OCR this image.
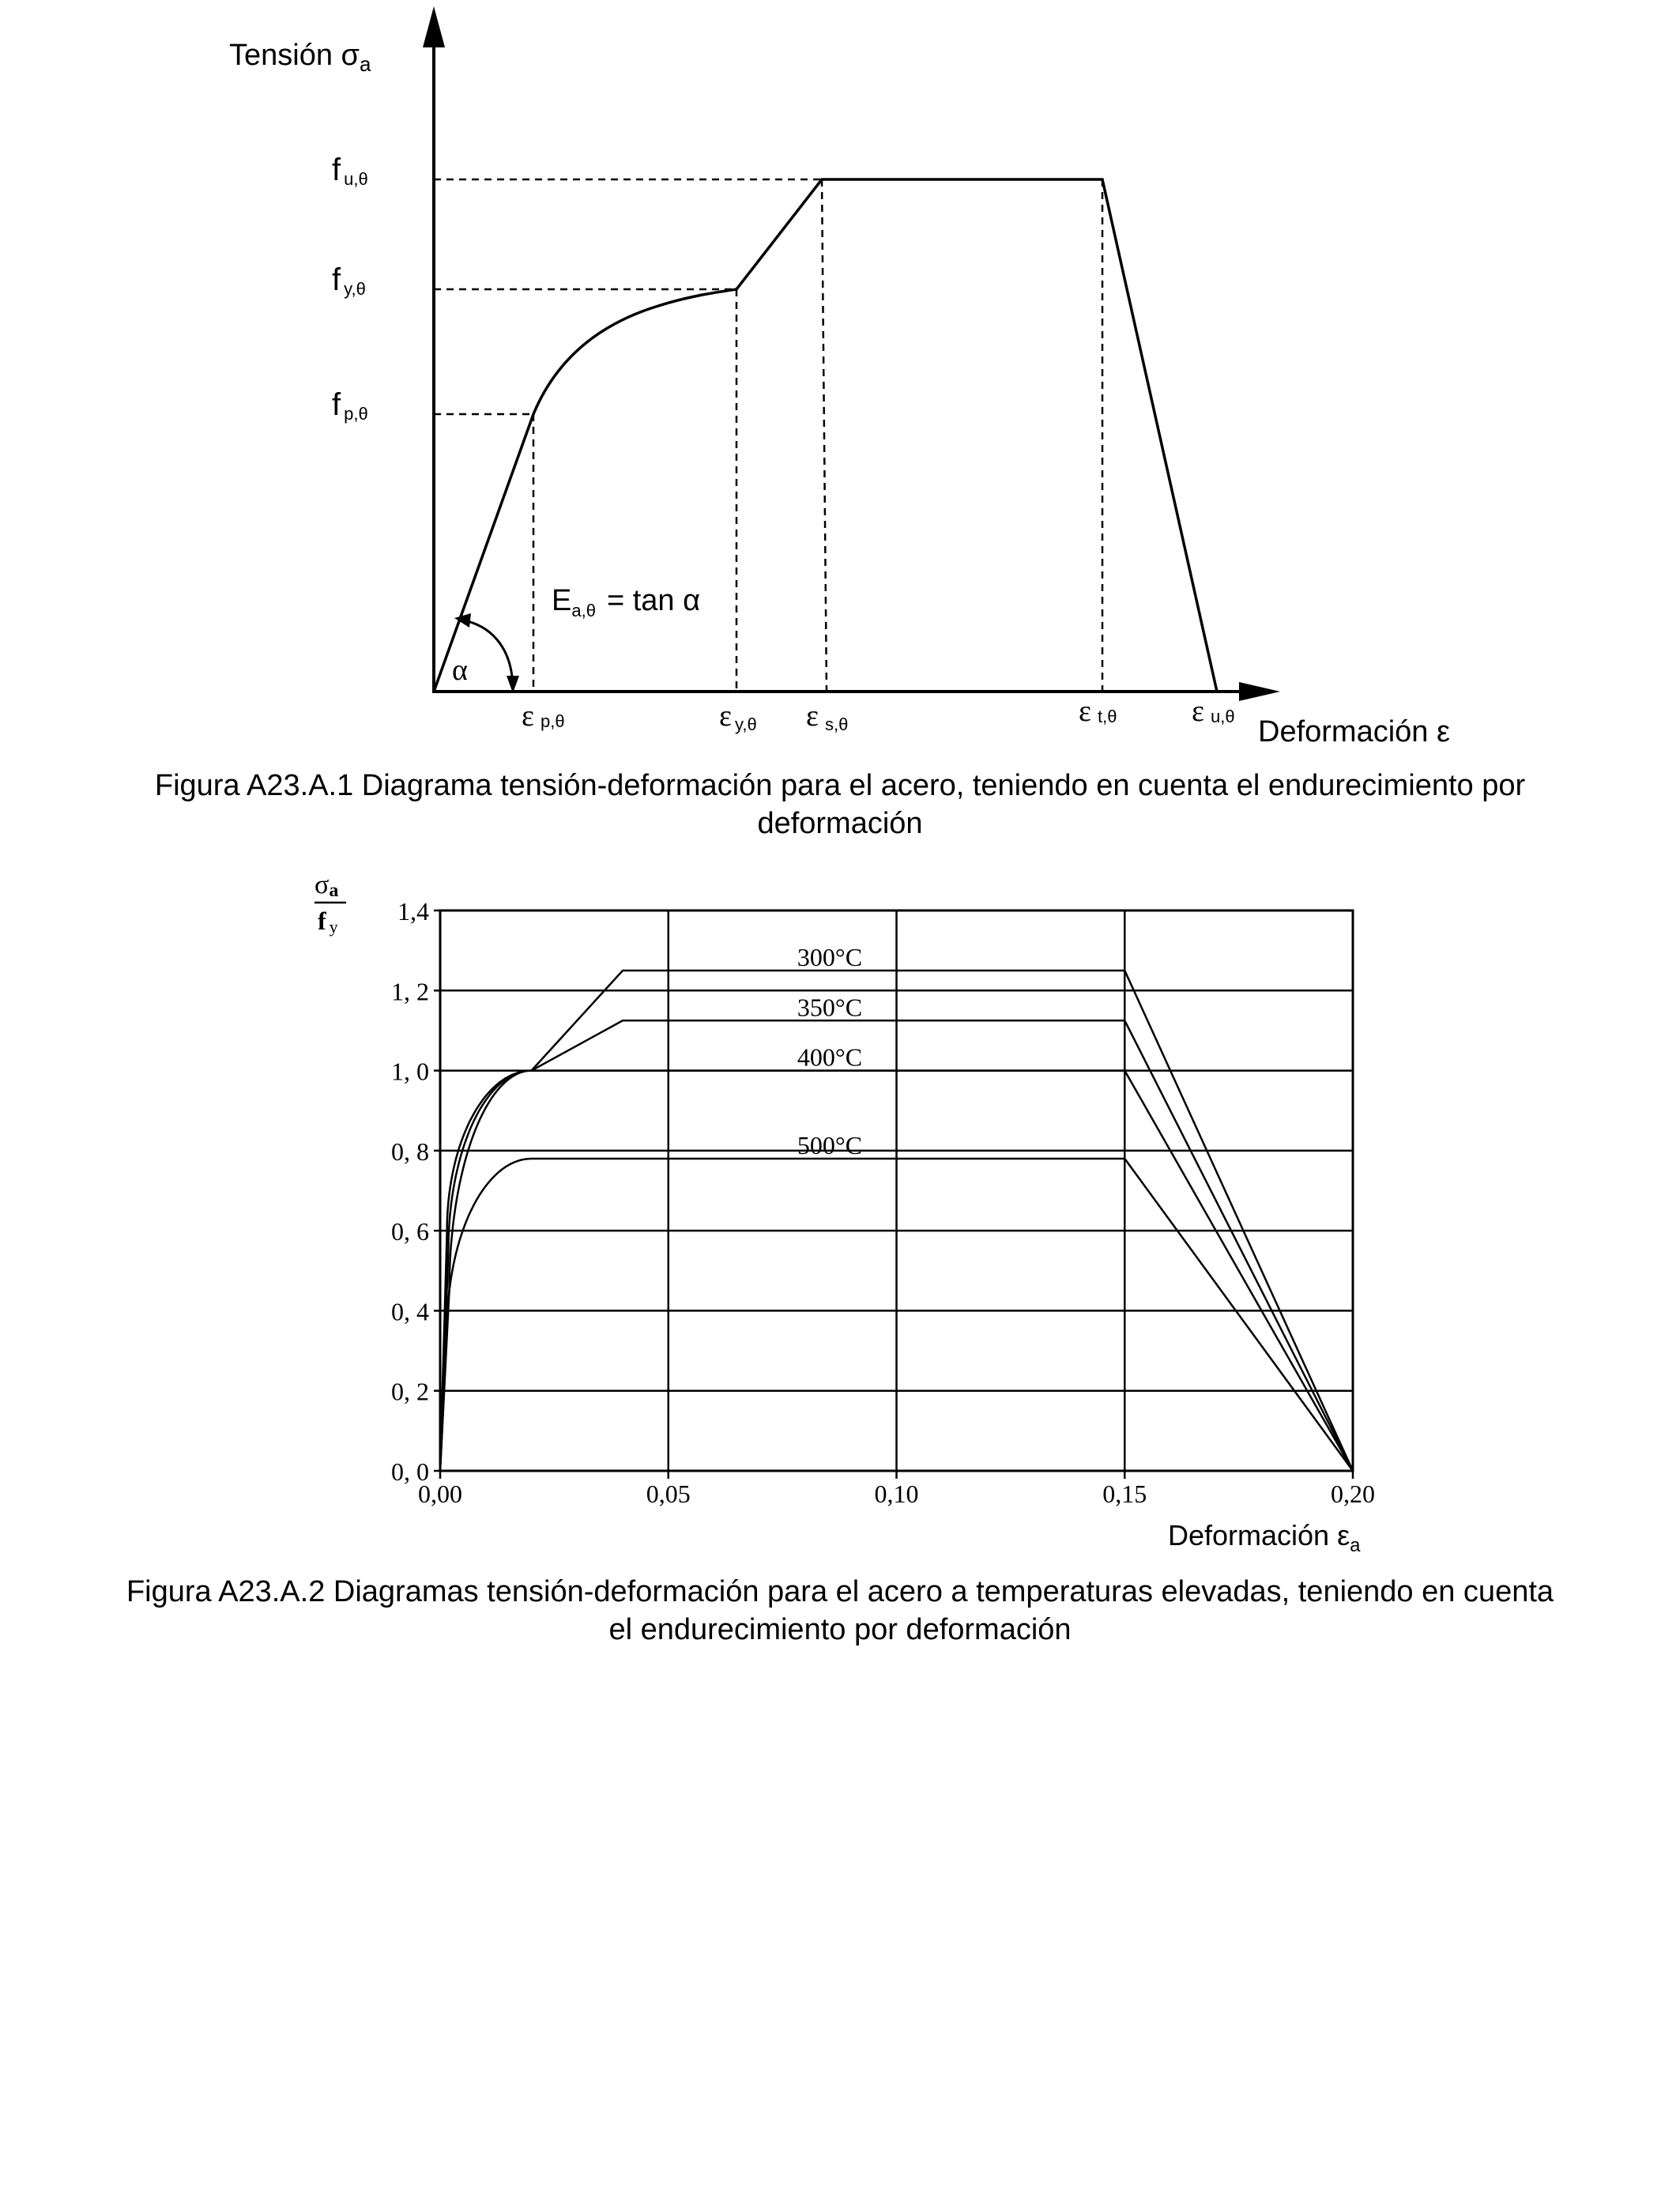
Tensión $\sigma_a$
fu,θ
fy,θ
fp,θ
$E_{a,\theta} = \tan \alpha$
α
εp,θ	εy,θ εs,θ	εt,θ εu,θ Deformación ε
Figura A23.A.1 Diagrama tensión-deformación para el acero, teniendo en cuenta el endurecimiento por
deformación
0, 0
0, 2
0, 4
0, 6
0, 8
1, 0
1, 2
1,4
0,00	0,05	0,10	0,15	0,20
300°C
350°C
400°C
500°C
σa
f y
Deformación $\varepsilon_a$
Figura A23.A.2 Diagramas tensión-deformación para el acero a temperaturas elevadas, teniendo en cuenta
el endurecimiento por deformación
